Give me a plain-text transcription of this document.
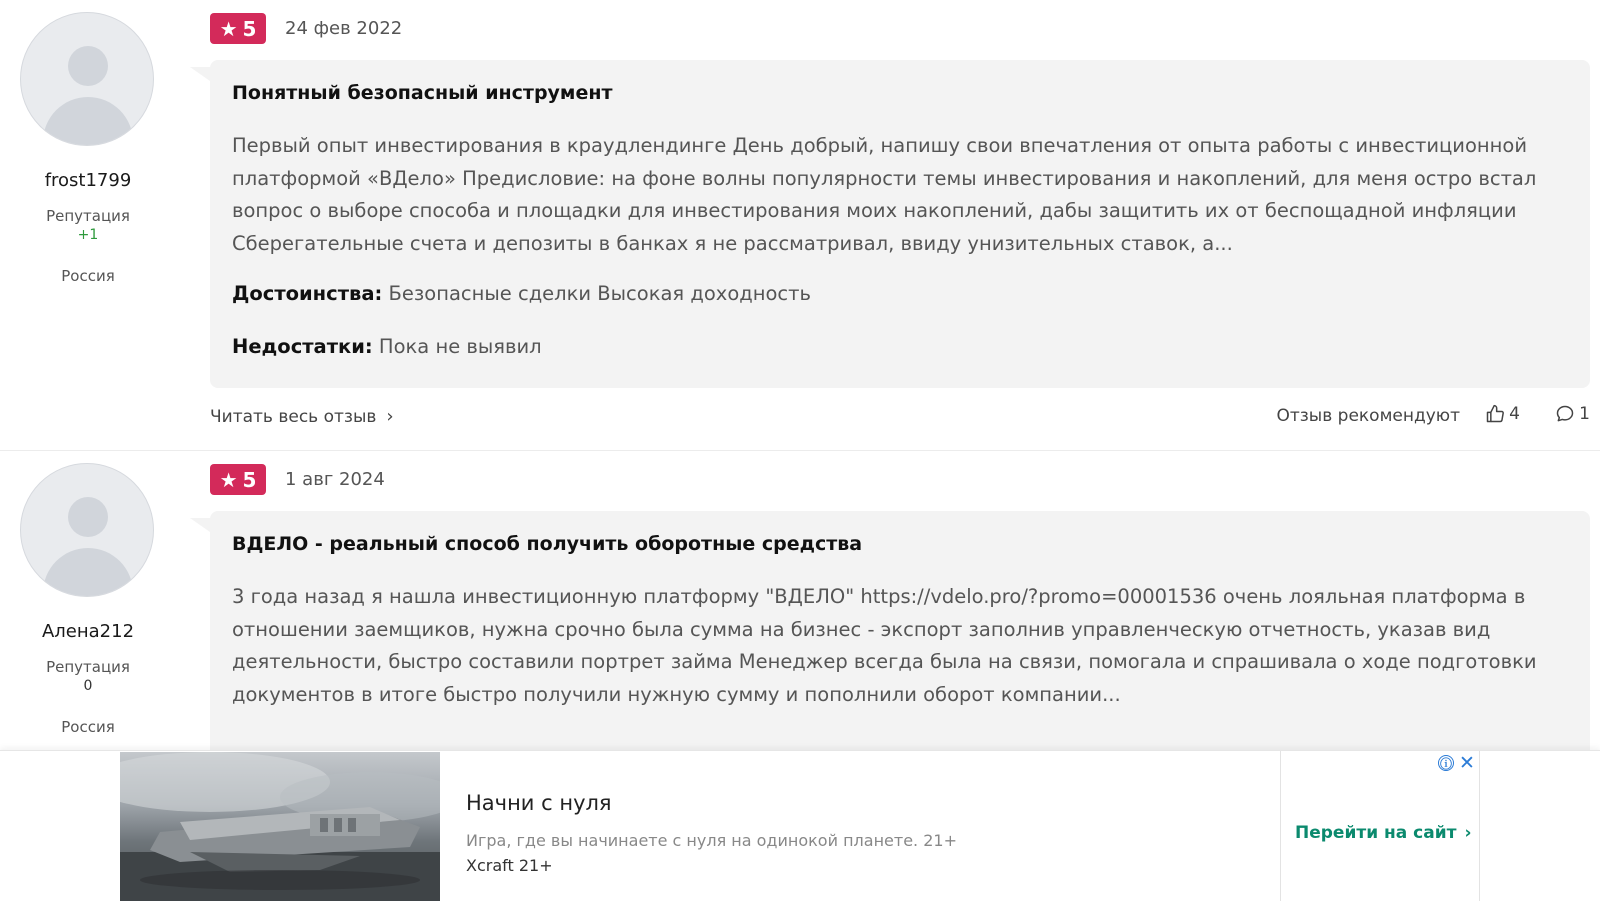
frost1799
Репутация
+1
Россия
★ 5 24 фев 2022
Понятный безопасный инструмент
Первый опыт инвестирования в краудлендинге День добрый, напишу свои впечатления от опыта работы с инвестиционной платформой «ВДело» Предисловие: на фоне волны популярности темы инвестирования и накоплений, для меня остро встал вопрос о выборе способа и площадки для инвестирования моих накоплений, дабы защитить их от беспощадной инфляции Сберегательные счета и депозиты в банках я не рассматривал, ввиду унизительных ставок, а...
Достоинства: Безопасные сделки Высокая доходность
Недостатки: Пока не выявил
Читать весь отзыв ›	Отзыв рекомендуют	4	1
Алена212
Репутация
0
Россия
★ 5 1 авг 2024
ВДЕЛО - реальный способ получить оборотные средства
3 года назад я нашла инвестиционную платформу "ВДЕЛО" https://vdelo.pro/?promo=00001536 очень лояльная платформа в отношении заемщиков, нужна срочно была сумма на бизнес - экспорт заполнив управленческую отчетность, указав вид деятельности, быстро составили портрет займа Менеджер всегда была на связи, помогала и спрашивала о ходе подготовки документов в итоге быстро получили нужную сумму и пополнили оборот компании...
Начни с нуля
Игра, где вы начинаете с нуля на одинокой планете. 21+
Xcraft 21+
ⓘ ✕
Перейти на сайт ›
